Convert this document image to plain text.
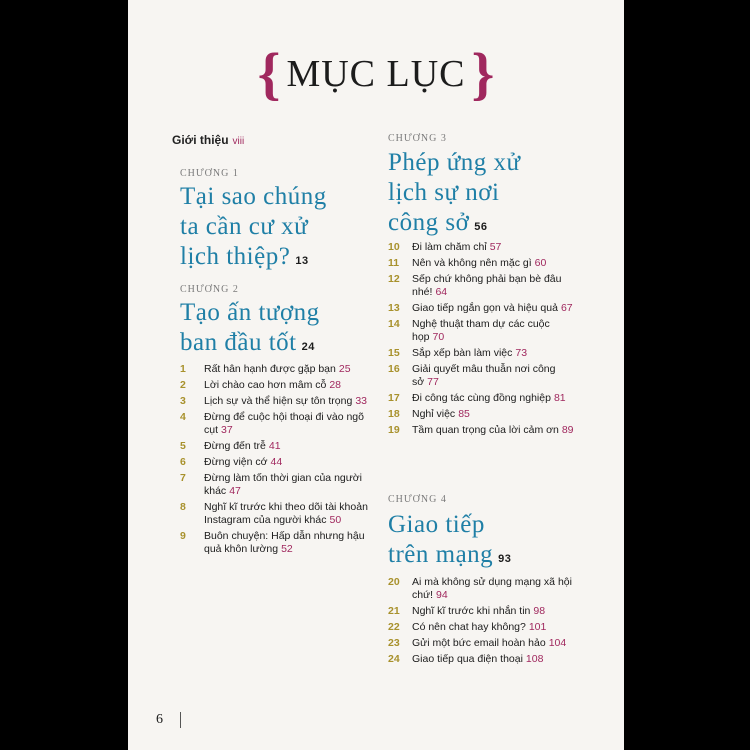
{ MỤC LỤC }
Giới thiệu viii
CHƯƠNG 1
Tại sao chúng
ta cần cư xử
lịch thiệp? 13
CHƯƠNG 2
Tạo ấn tượng
ban đầu tốt 24
1 Rất hân hạnh được gặp bạn 25
2 Lời chào cao hơn mâm cỗ 28
3 Lịch sự và thể hiện sự tôn trọng 33
4 Đừng để cuộc hội thoại đi vào ngõ cụt 37
5 Đừng đến trễ 41
6 Đừng viện cớ 44
7 Đừng làm tốn thời gian của người khác 47
8 Nghĩ kĩ trước khi theo dõi tài khoản Instagram của người khác 50
9 Buôn chuyện: Hấp dẫn nhưng hậu quả khôn lường 52
CHƯƠNG 3
Phép ứng xử
lịch sự nơi
công sở 56
10 Đi làm chăm chỉ 57
11 Nên và không nên mặc gì 60
12 Sếp chứ không phải bạn bè đâu nhé! 64
13 Giao tiếp ngắn gọn và hiệu quả 67
14 Nghệ thuật tham dự các cuộc họp 70
15 Sắp xếp bàn làm việc 73
16 Giải quyết mâu thuẫn nơi công sở 77
17 Đi công tác cùng đồng nghiệp 81
18 Nghỉ việc 85
19 Tầm quan trọng của lời cảm ơn 89
CHƯƠNG 4
Giao tiếp
trên mạng 93
20 Ai mà không sử dụng mạng xã hội chứ! 94
21 Nghĩ kĩ trước khi nhắn tin 98
22 Có nên chat hay không? 101
23 Gửi một bức email hoàn hảo 104
24 Giao tiếp qua điện thoại 108
6
